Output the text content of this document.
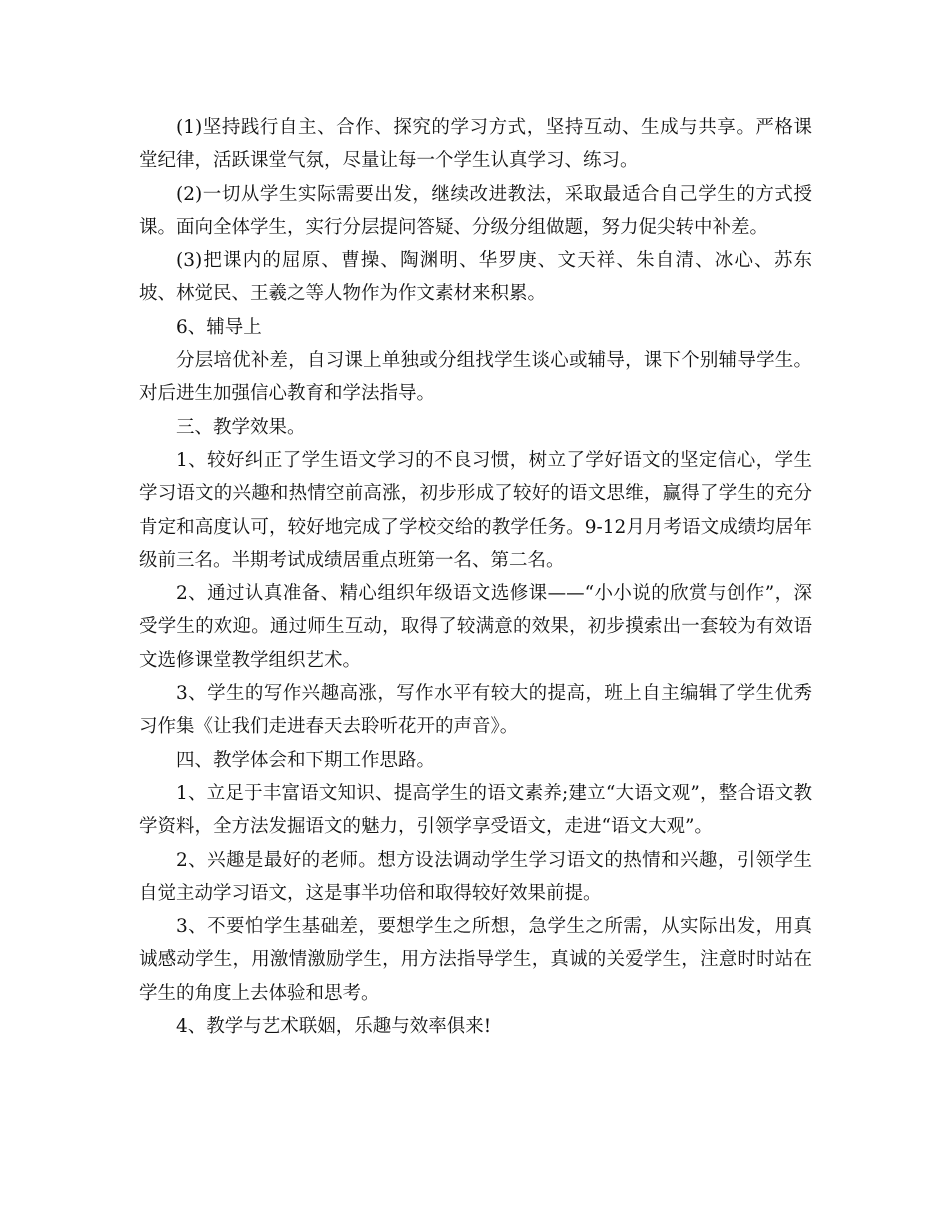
(1)坚持践行自主、合作、探究的学习方式，坚持互动、生成与共享。严格课堂纪律，活跃课堂气氛，尽量让每一个学生认真学习、练习。

(2)一切从学生实际需要出发，继续改进教法，采取最适合自己学生的方式授课。面向全体学生，实行分层提问答疑、分级分组做题，努力促尖转中补差。

(3)把课内的屈原、曹操、陶渊明、华罗庚、文天祥、朱自清、冰心、苏东坡、林觉民、王羲之等人物作为作文素材来积累。

6、辅导上

分层培优补差，自习课上单独或分组找学生谈心或辅导，课下个别辅导学生。对后进生加强信心教育和学法指导。

三、教学效果。

1、较好纠正了学生语文学习的不良习惯，树立了学好语文的坚定信心，学生学习语文的兴趣和热情空前高涨，初步形成了较好的语文思维，赢得了学生的充分肯定和高度认可，较好地完成了学校交给的教学任务。9-12月月考语文成绩均居年级前三名。半期考试成绩居重点班第一名、第二名。

2、通过认真准备、精心组织年级语文选修课——“小小说的欣赏与创作”，深受学生的欢迎。通过师生互动，取得了较满意的效果，初步摸索出一套较为有效语文选修课堂教学组织艺术。

3、学生的写作兴趣高涨，写作水平有较大的提高，班上自主编辑了学生优秀习作集《让我们走进春天去聆听花开的声音》。

四、教学体会和下期工作思路。

1、立足于丰富语文知识、提高学生的语文素养;建立“大语文观”，整合语文教学资料，全方法发掘语文的魅力，引领学享受语文，走进“语文大观”。

2、兴趣是最好的老师。想方设法调动学生学习语文的热情和兴趣，引领学生自觉主动学习语文，这是事半功倍和取得较好效果前提。

3、不要怕学生基础差，要想学生之所想，急学生之所需，从实际出发，用真诚感动学生，用激情激励学生，用方法指导学生，真诚的关爱学生，注意时时站在学生的角度上去体验和思考。

4、教学与艺术联姻，乐趣与效率俱来!
